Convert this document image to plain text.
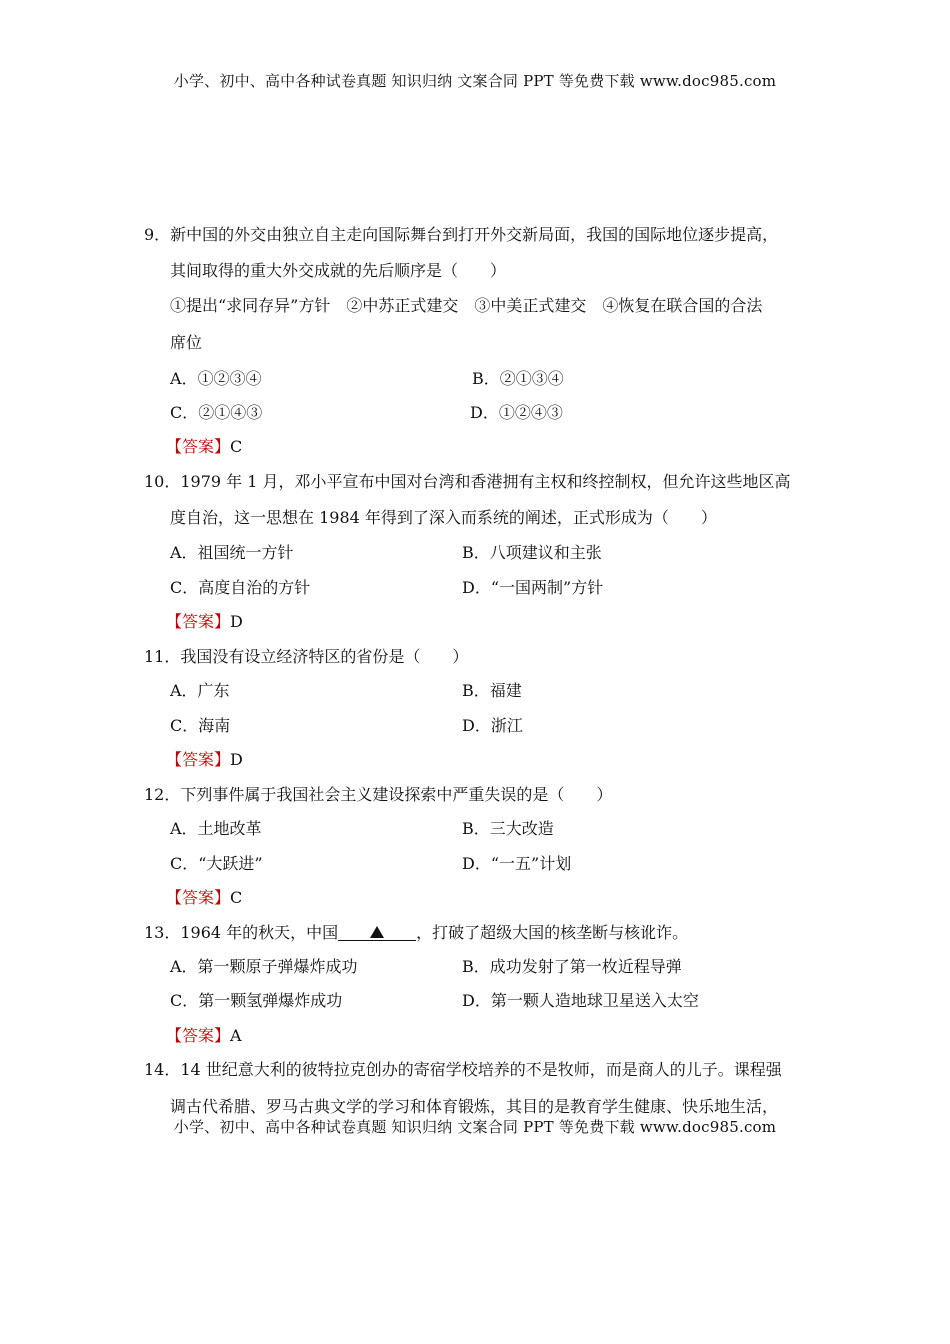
小学、初中、高中各种试卷真题 知识归纳 文案合同 PPT 等免费下载 www.doc985.com
9．新中国的外交由独立自主走向国际舞台到打开外交新局面，我国的国际地位逐步提高，
其间取得的重大外交成就的先后顺序是（　　）
①提出“求同存异”方针　②中苏正式建交　③中美正式建交　④恢复在联合国的合法
席位
A．①②③④	B．②①③④
C．②①④③	D．①②④③
【答案】C
10．1979 年 1 月，邓小平宣布中国对台湾和香港拥有主权和终控制权，但允许这些地区高
度自治，这一思想在 1984 年得到了深入而系统的阐述，正式形成为（　　）
A．祖国统一方针	B．八项建议和主张
C．高度自治的方针	D．“一国两制”方针
【答案】D
11．我国没有设立经济特区的省份是（　　）
A．广东	B．福建
C．海南	D．浙江
【答案】D
12．下列事件属于我国社会主义建设探索中严重失误的是（　　）
A．土地改革	B．三大改造
C．“大跃进”	D．“一五”计划
【答案】C
13．1964 年的秋天，中国	，打破了超级大国的核垄断与核讹诈。
A．第一颗原子弹爆炸成功	B．成功发射了第一枚近程导弹
C．第一颗氢弹爆炸成功	D．第一颗人造地球卫星送入太空
【答案】A
14．14 世纪意大利的彼特拉克创办的寄宿学校培养的不是牧师，而是商人的儿子。课程强
调古代希腊、罗马古典文学的学习和体育锻炼，其目的是教育学生健康、快乐地生活，
小学、初中、高中各种试卷真题 知识归纳 文案合同 PPT 等免费下载 www.doc985.com
